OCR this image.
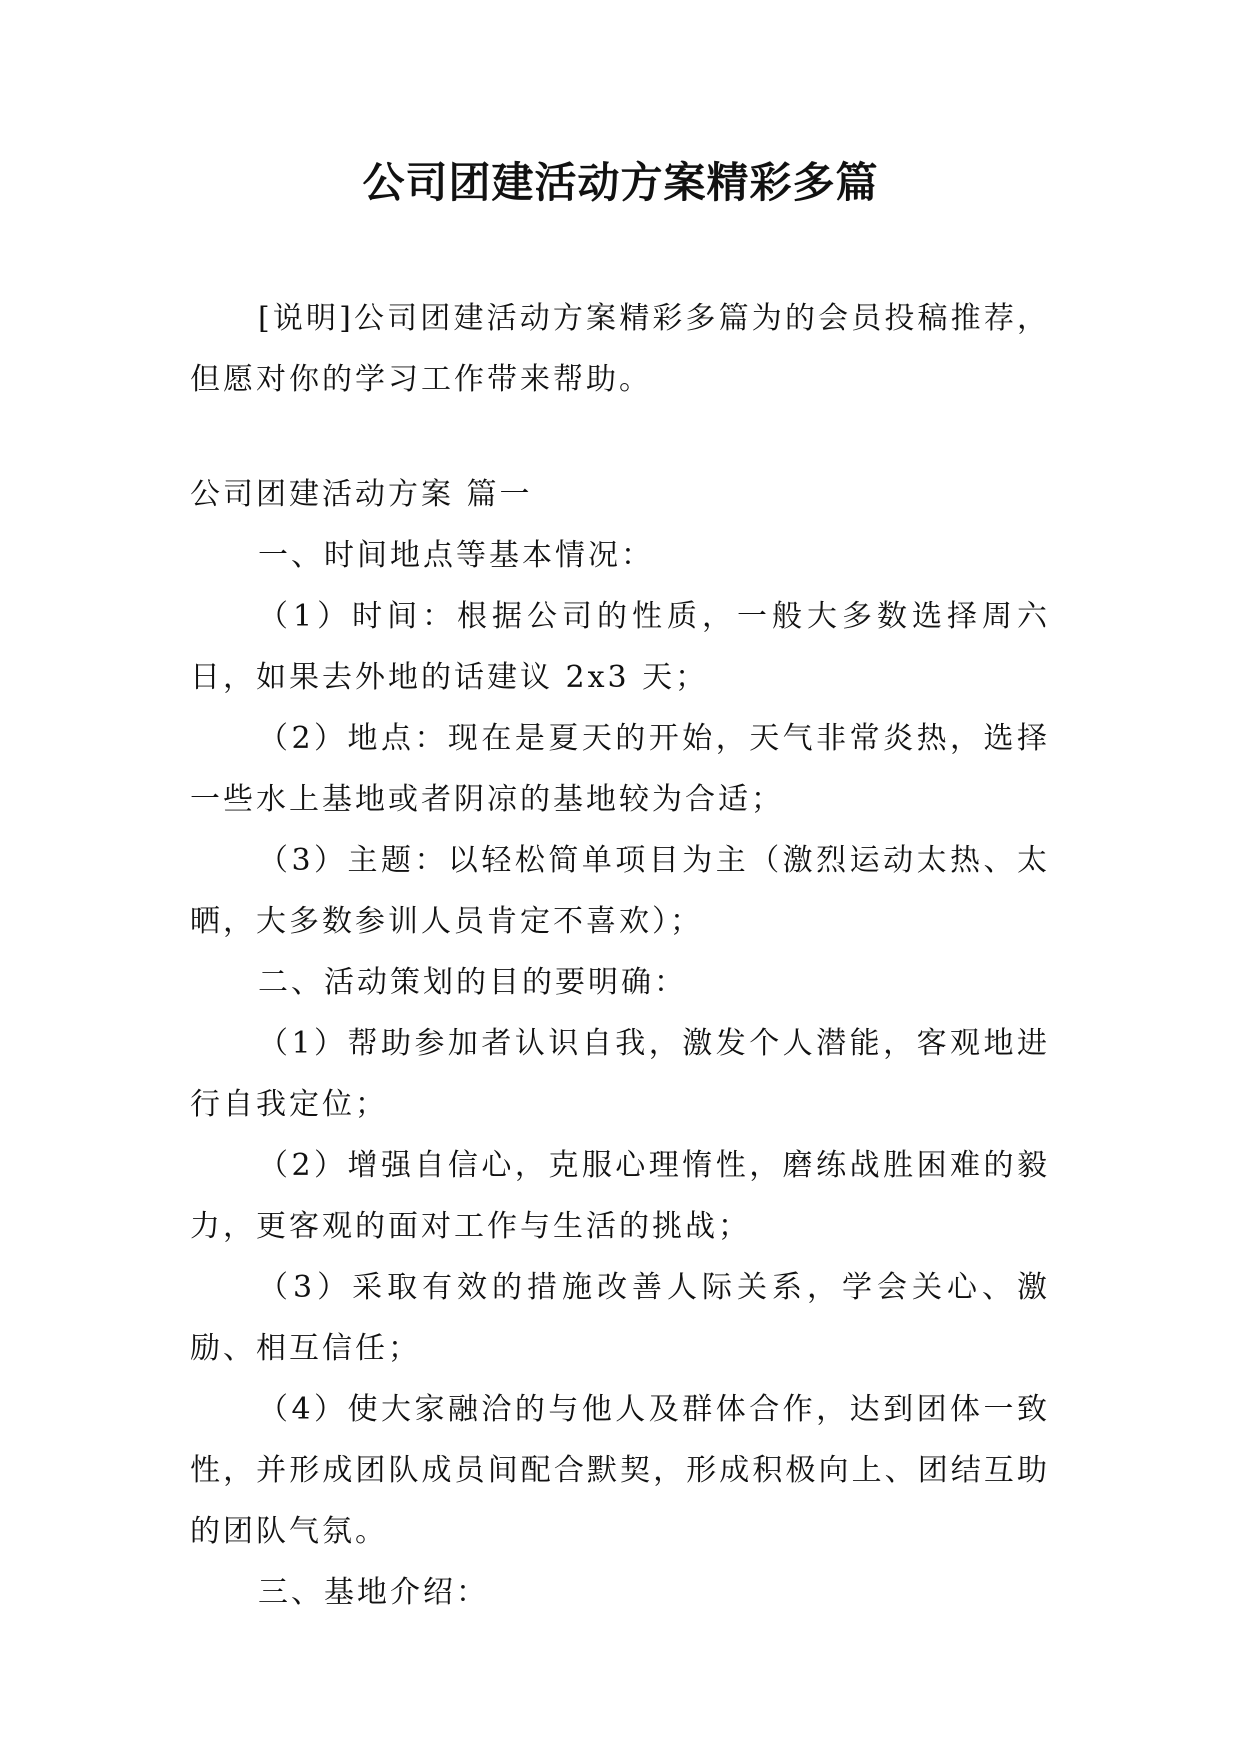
公司团建活动方案精彩多篇

[说明]公司团建活动方案精彩多篇为的会员投稿推荐，但愿对你的学习工作带来帮助。

公司团建活动方案 篇一

一、时间地点等基本情况：

（1）时间：根据公司的性质，一般大多数选择周六日，如果去外地的话建议 2x3 天；

（2）地点：现在是夏天的开始，天气非常炎热，选择一些水上基地或者阴凉的基地较为合适；

（3）主题：以轻松简单项目为主（激烈运动太热、太晒，大多数参训人员肯定不喜欢）；

二、活动策划的目的要明确：

（1）帮助参加者认识自我，激发个人潜能，客观地进行自我定位；

（2）增强自信心，克服心理惰性，磨练战胜困难的毅力，更客观的面对工作与生活的挑战；

（3）采取有效的措施改善人际关系，学会关心、激励、相互信任；

（4）使大家融洽的与他人及群体合作，达到团体一致性，并形成团队成员间配合默契，形成积极向上、团结互助的团队气氛。

三、基地介绍：
